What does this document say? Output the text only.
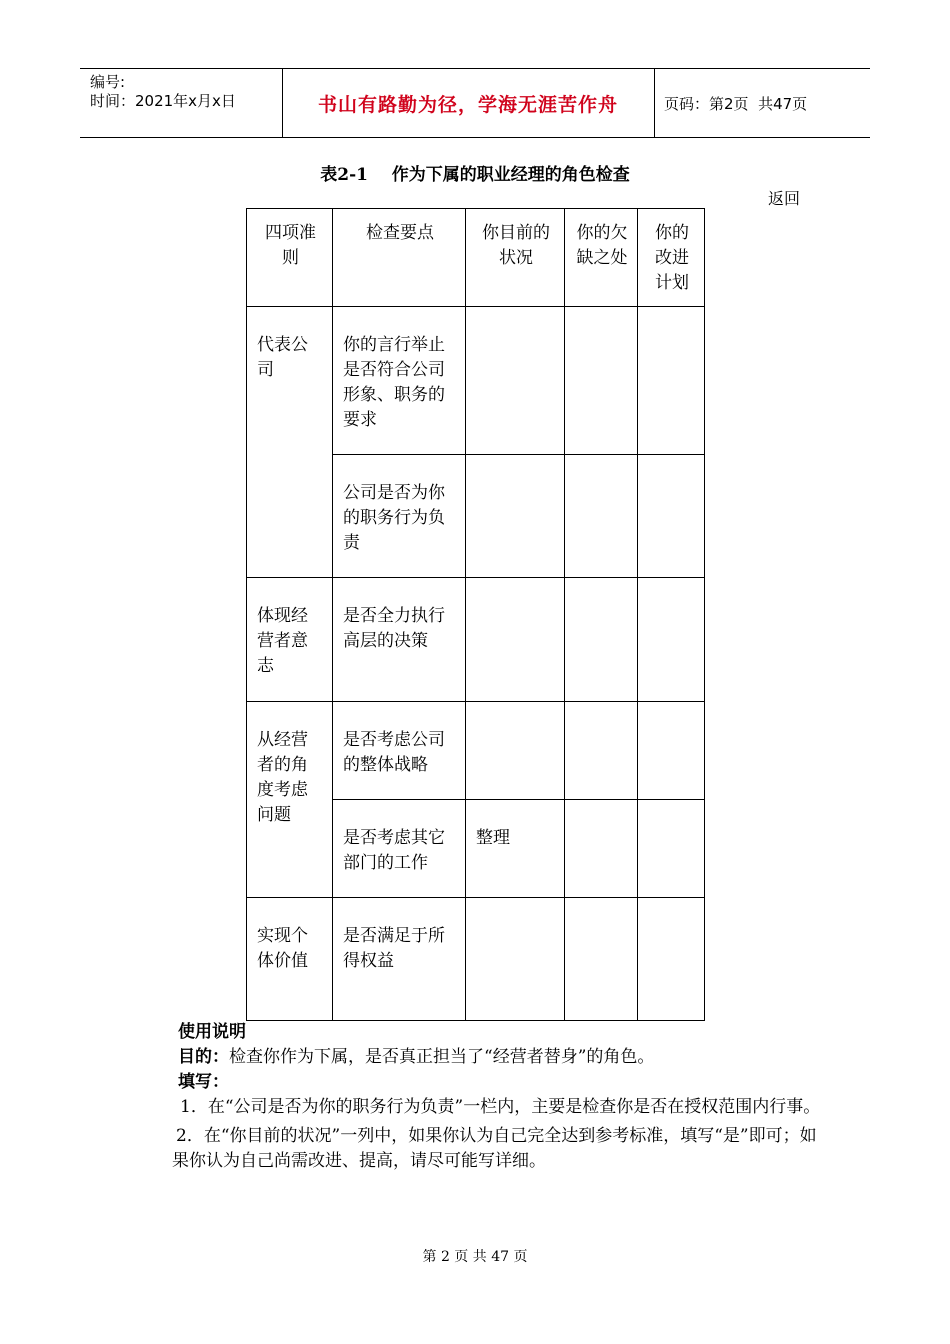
编号:
时间：2021年x月x日	书山有路勤为径，学海无涯苦作舟	页码：第2页  共47页
表2-1 作为下属的职业经理的角色检查
返回
四项准则	检查要点	你目前的状况	你的欠缺之处	你的改进计划
代表公司	你的言行举止是否符合公司形象、职务的要求			
	公司是否为你的职务行为负责			
体现经营者意志	是否全力执行高层的决策			
从经营者的角度考虑问题	是否考虑公司的整体战略			
	是否考虑其它部门的工作	整理		
实现个体价值	是否满足于所得权益			

使用说明

目的：检查你作为下属，是否真正担当了“经营者替身”的角色。

填写：

1．在“公司是否为你的职务行为负责”一栏内，主要是检查你是否在授权范围内行事。

2．在“你目前的状况”一列中，如果你认为自己完全达到参考标准，填写“是”即可；如果你认为自己尚需改进、提高，请尽可能写详细。

第 2 页 共 47 页
